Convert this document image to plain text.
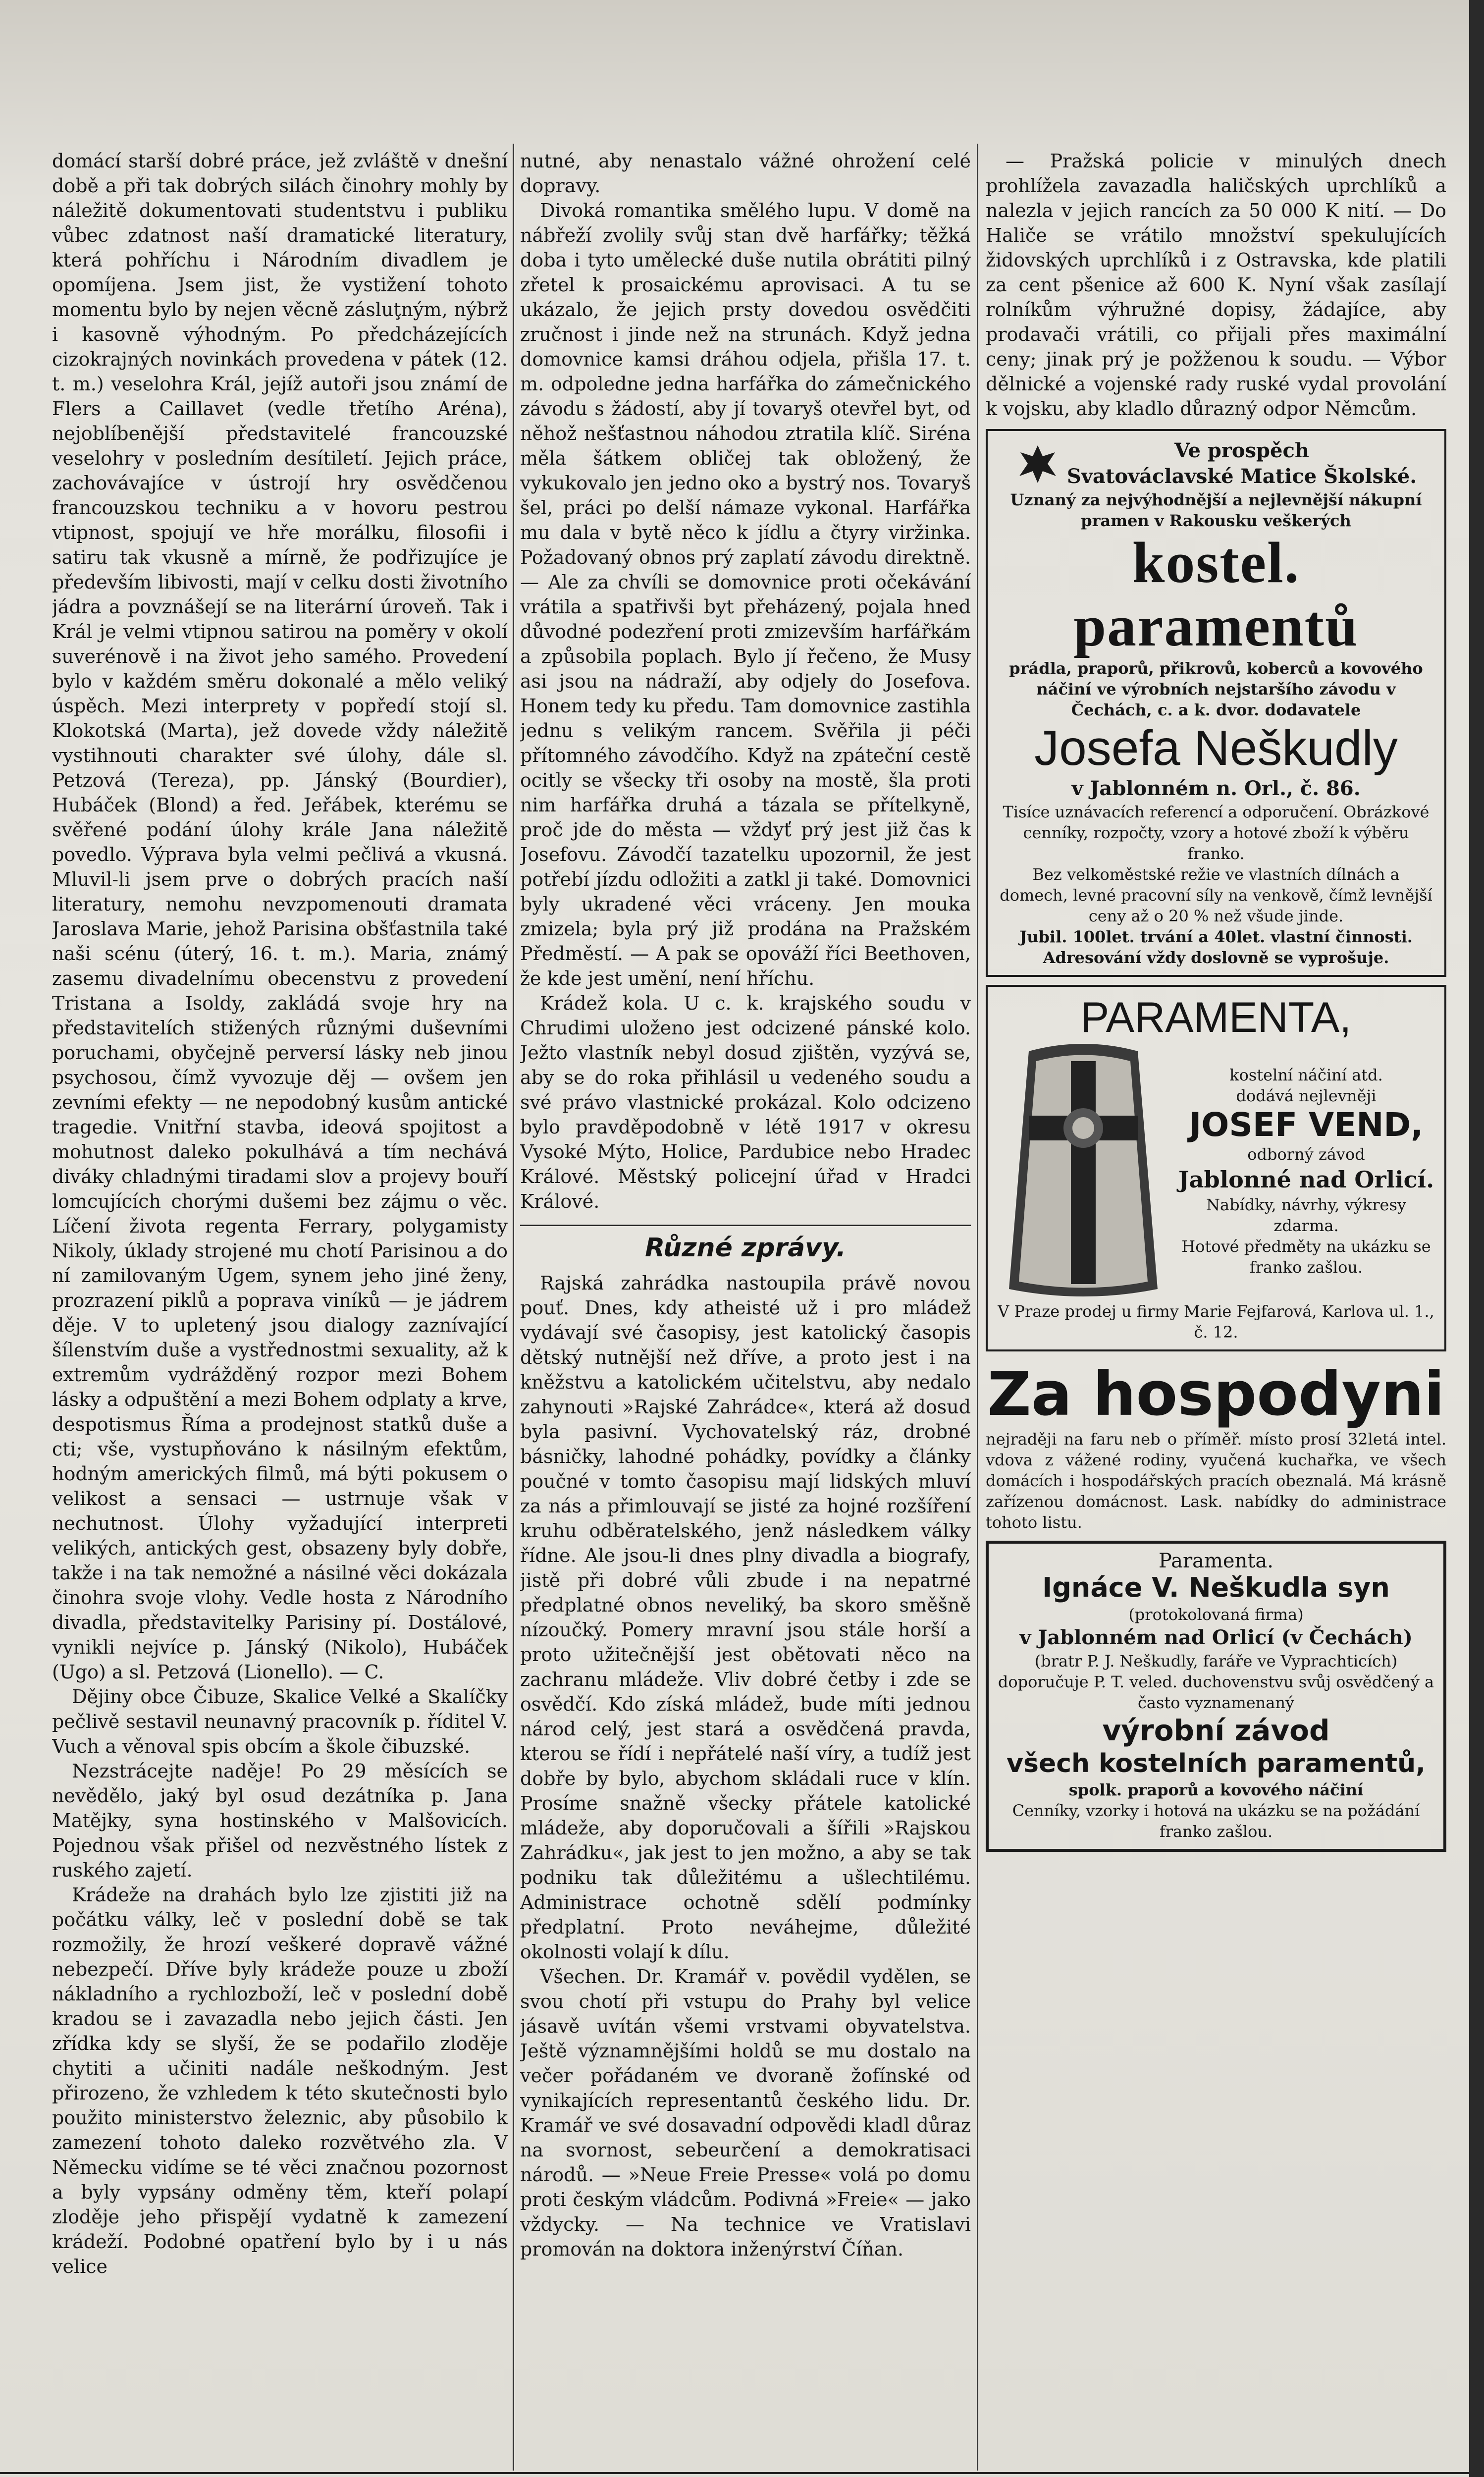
domácí starší dobré práce, jež zvláště v dnešní době a při tak dobrých silách činohry mohly by náležitě dokumentovati studentstvu i publiku vůbec zdatnost naší dramatické literatury, která pohříchu i Národním divadlem je opomíjena. Jsem jist, že vystižení tohoto momentu bylo by nejen věcně zásluţným, nýbrž i kasovně výhodným. Po předcházejících cizokrajných novinkách provedena v pátek (12. t. m.) veselohra Král, jejíž autoři jsou známí de Flers a Caillavet (vedle třetího Aréna), nejoblíbenější představitelé francouzské veselohry v posledním desítiletí. Jejich práce, zachovávajíce v ústrojí hry osvědčenou francouzskou techniku a v hovoru pestrou vtipnost, spojují ve hře morálku, filosofii i satiru tak vkusně a mírně, že podřizujíce je především libivosti, mají v celku dosti životního jádra a povznášejí se na literární úroveň. Tak i Král je velmi vtipnou satirou na poměry v okolí suverénově i na život jeho samého. Provedení bylo v každém směru dokonalé a mělo veliký úspěch. Mezi interprety v popředí stojí sl. Klokotská (Marta), jež dovede vždy náležitě vystihnouti charakter své úlohy, dále sl. Petzová (Tereza), pp. Jánský (Bourdier), Hubáček (Blond) a řed. Jeřábek, kterému se svěřené podání úlohy krále Jana náležitě povedlo. Výprava byla velmi pečlivá a vkusná. Mluvil-li jsem prve o dobrých pracích naší literatury, nemohu nevzpomenouti dramata Jaroslava Marie, jehož Parisina obšťastnila také naši scénu (úterý, 16. t. m.). Maria, známý zasemu divadelnímu obecenstvu z provedení Tristana a Isoldy, zakládá svoje hry na představitelích stižených různými duševními poruchami, obyčejně perversí lásky neb jinou psychosou, čímž vyvozuje děj — ovšem jen zevními efekty — ne nepodobný kusům antické tragedie. Vnitřní stavba, ideová spojitost a mohutnost daleko pokulhává a tím nechává diváky chladnými tiradami slov a projevy bouří lomcujících chorými dušemi bez zájmu o věc. Líčení života regenta Ferrary, polygamisty Nikoly, úklady strojené mu chotí Parisinou a do ní zamilovaným Ugem, synem jeho jiné ženy, prozrazení piklů a poprava viníků — je jádrem děje. V to upletený jsou dialogy zaznívající šílenstvím duše a vystřednostmi sexuality, až k extremům vydrážděný rozpor mezi Bohem lásky a odpuštění a mezi Bohem odplaty a krve, despotismus Říma a prodejnost statků duše a cti; vše, vystupňováno k násilným efektům, hodným amerických filmů, má býti pokusem o velikost a sensaci — ustrnuje však v nechutnost. Úlohy vyžadující interpreti velikých, antických gest, obsazeny byly dobře, takže i na tak nemožné a násilné věci dokázala činohra svoje vlohy. Vedle hosta z Národního divadla, představitelky Parisiny pí. Dostálové, vynikli nejvíce p. Jánský (Nikolo), Hubáček (Ugo) a sl. Petzová (Lionello). — C.

Dějiny obce Čibuze, Skalice Velké a Skalíčky pečlivě sestavil neunavný pracovník p. říditel V. Vuch a věnoval spis obcím a škole čibuzské.

Nezstrácejte naděje! Po 29 měsících se nevědělo, jaký byl osud dezátníka p. Jana Matějky, syna hostinského v Malšovicích. Pojednou však přišel od nezvěstného lístek z ruského zajetí.

Krádeže na drahách bylo lze zjistiti již na počátku války, leč v poslední době se tak rozmožily, že hrozí veškeré dopravě vážné nebezpečí. Dříve byly krádeže pouze u zboží nákladního a rychlozboží, leč v poslední době kradou se i zavazadla nebo jejich části. Jen zřídka kdy se slyší, že se podařilo zloděje chytiti a učiniti nadále neškodným. Jest přirozeno, že vzhledem k této skutečnosti bylo použito ministerstvo železnic, aby působilo k zamezení tohoto daleko rozvětvého zla. V Německu vidíme se té věci značnou pozornost a byly vypsány odměny těm, kteří polapí zloděje jeho přispějí vydatně k zamezení krádeží. Podobné opatření bylo by i u nás velice

nutné, aby nenastalo vážné ohrožení celé dopravy.

Divoká romantika smělého lupu. V domě na nábřeží zvolily svůj stan dvě harfářky; těžká doba i tyto umělecké duše nutila obrátiti pilný zřetel k prosaickému aprovisaci. A tu se ukázalo, že jejich prsty dovedou osvědčiti zručnost i jinde než na strunách. Když jedna domovnice kamsi dráhou odjela, přišla 17. t. m. odpoledne jedna harfářka do zámečnického závodu s žádostí, aby jí tovaryš otevřel byt, od něhož nešťastnou náhodou ztratila klíč. Siréna měla šátkem obličej tak obložený, že vykukovalo jen jedno oko a bystrý nos. Tovaryš šel, práci po delší námaze vykonal. Harfářka mu dala v bytě něco k jídlu a čtyry viržinka. Požadovaný obnos prý zaplatí závodu direktně. — Ale za chvíli se domovnice proti očekávání vrátila a spatřivši byt přeházený, pojala hned důvodné podezření proti zmizevším harfářkám a způsobila poplach. Bylo jí řečeno, že Musy asi jsou na nádraží, aby odjely do Josefova. Honem tedy ku předu. Tam domovnice zastihla jednu s velikým rancem. Svěřila ji péči přítomného závodčího. Když na zpáteční cestě ocitly se všecky tři osoby na mostě, šla proti nim harfářka druhá a tázala se přítelkyně, proč jde do města — vždyť prý jest již čas k Josefovu. Závodčí tazatelku upozornil, že jest potřebí jízdu odložiti a zatkl ji také. Domovnici byly ukradené věci vráceny. Jen mouka zmizela; byla prý již prodána na Pražském Předměstí. — A pak se opováží říci Beethoven, že kde jest umění, není hříchu.

Krádež kola. U c. k. krajského soudu v Chrudimi uloženo jest odcizené pánské kolo. Ježto vlastník nebyl dosud zjištěn, vyzývá se, aby se do roka přihlásil u vedeného soudu a své právo vlastnické prokázal. Kolo odcizeno bylo pravděpodobně v létě 1917 v okresu Vysoké Mýto, Holice, Pardubice nebo Hradec Králové. Městský policejní úřad v Hradci Králové.

Různé zprávy.

Rajská zahrádka nastoupila právě novou pouť. Dnes, kdy atheisté už i pro mládež vydávají své časopisy, jest katolický časopis dětský nutnější než dříve, a proto jest i na kněžstvu a katolickém učitelstvu, aby nedalo zahynouti »Rajské Zahrádce«, která až dosud byla pasivní. Vychovatelský ráz, drobné básničky, lahodné pohádky, povídky a články poučné v tomto časopisu mají lidských mluví za nás a přimlouvají se jisté za hojné rozšíření kruhu odběratelského, jenž následkem války řídne. Ale jsou-li dnes plny divadla a biografy, jistě při dobré vůli zbude i na nepatrné předplatné obnos neveliký, ba skoro směšně nízoučký. Pomery mravní jsou stále horší a proto užitečnější jest obětovati něco na zachranu mládeže. Vliv dobré četby i zde se osvědčí. Kdo získá mládež, bude míti jednou národ celý, jest stará a osvědčená pravda, kterou se řídí i nepřátelé naší víry, a tudíž jest dobře by bylo, abychom skládali ruce v klín. Prosíme snažně všecky přátele katolické mládeže, aby doporučovali a šířili »Rajskou Zahrádku«, jak jest to jen možno, a aby se tak podniku tak důležitému a ušlechtilému. Administrace ochotně sdělí podmínky předplatní. Proto neváhejme, důležité okolnosti volají k dílu.

Všechen. Dr. Kramář v. povědil vydělen, se svou chotí při vstupu do Prahy byl velice jásavě uvítán všemi vrstvami obyvatelstva. Ještě významnějšími holdů se mu dostalo na večer pořádaném ve dvoraně žofínské od vynikajících representantů českého lidu. Dr. Kramář ve své dosavadní odpovědi kladl důraz na svornost, sebeurčení a demokratisaci národů. — »Neue Freie Presse« volá po domu proti českým vládcům. Podivná »Freie« — jako vždycky. — Na technice ve Vratislavi promován na doktora inženýrství Číňan.

— Pražská policie v minulých dnech prohlížela zavazadla haličských uprchlíků a nalezla v jejich rancích za 50 000 K nití. — Do Haliče se vrátilo množství spekulujících židovských uprchlíků i z Ostravska, kde platili za cent pšenice až 600 K. Nyní však zasílají rolníkům výhružné dopisy, žádajíce, aby prodavači vrátili, co přijali přes maximální ceny; jinak prý je požženou k soudu. — Výbor dělnické a vojenské rady ruské vydal provolání k vojsku, aby kladlo důrazný odpor Němcům.

Ve prospěch
Svatováclavské Matice Školské.
Uznaný za nejvýhodnější a nejlevnější nákupní pramen v Rakousku veškerých
kostel. paramentů
prádla, praporů, přikrovů, koberců a kovového náčiní ve výrobních nejstaršího závodu v Čechách, c. a k. dvor. dodavatele
Josefa Neškudly
v Jablonném n. Orl., č. 86.
Tisíce uznávacích referencí a odporučení. Obrázkové cenníky, rozpočty, vzory a hotové zboží k výběru franko.
Bez velkoměstské režie ve vlastních dílnách a domech, levné pracovní síly na venkově, čímž levnější ceny až o 20 % než všude jinde.
Jubil. 100let. trvání a 40let. vlastní činnosti.
Adresování vždy doslovně se vyprošuje.
PARAMENTA,
kostelní náčiní atd.
dodává nejlevněji
JOSEF VEND,
odborný závod
Jablonné nad Orlicí.
Nabídky, návrhy, výkresy zdarma.
Hotové předměty na ukázku se franko zašlou.
V Praze prodej u firmy Marie Fejfarová, Karlova ul. 1., č. 12.
Za hospodyni
nejraději na faru neb o příměř. místo prosí 32letá intel. vdova z vážené rodiny, vyučená kuchařka, ve všech domácích i hospodářských pracích obeznalá. Má krásně zařízenou domácnost. Lask. nabídky do administrace tohoto listu.
Paramenta.
Ignáce V. Neškudla syn
(protokolovaná firma)
v Jablonném nad Orlicí (v Čechách)
(bratr P. J. Neškudly, faráře ve Vyprachticích)
doporučuje P. T. veled. duchovenstvu svůj osvědčený a často vyznamenaný
výrobní závod
všech kostelních paramentů,
spolk. praporů a kovového náčiní
Cenníky, vzorky i hotová na ukázku se na požádání franko zašlou.
